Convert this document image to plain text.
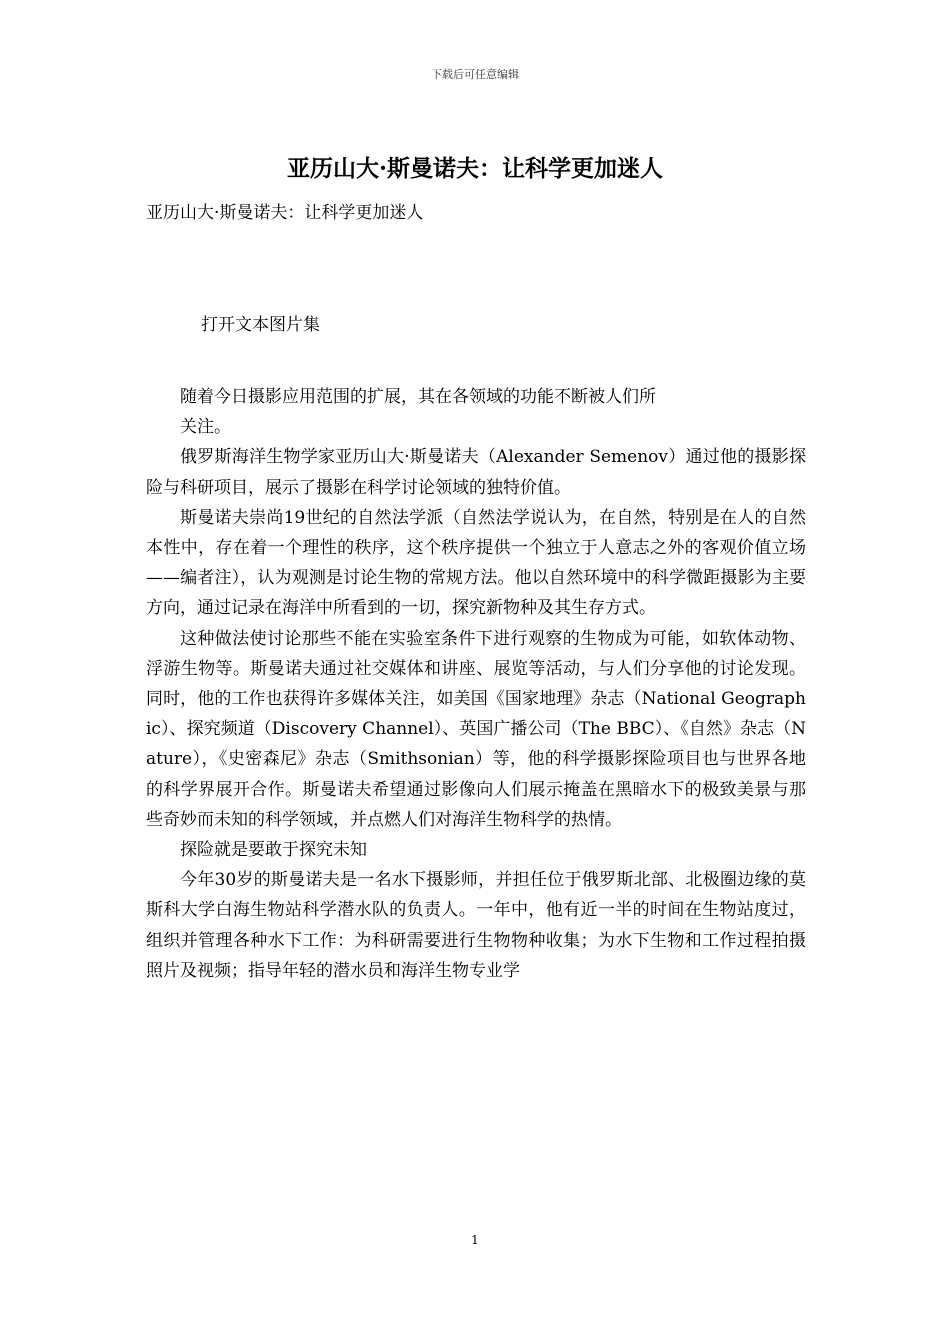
下载后可任意编辑
亚历山大·斯曼诺夫：让科学更加迷人
亚历山大·斯曼诺夫：让科学更加迷人
打开文本图片集

随着今日摄影应用范围的扩展，其在各领域的功能不断被人们所

关注。

俄罗斯海洋生物学家亚历山大·斯曼诺夫（Alexander Semenov）通过他的摄影探险与科研项目，展示了摄影在科学讨论领域的独特价值。

斯曼诺夫崇尚19世纪的自然法学派（自然法学说认为，在自然，特别是在人的自然本性中，存在着一个理性的秩序，这个秩序提供一个独立于人意志之外的客观价值立场——编者注），认为观测是讨论生物的常规方法。他以自然环境中的科学微距摄影为主要方向，通过记录在海洋中所看到的一切，探究新物种及其生存方式。

这种做法使讨论那些不能在实验室条件下进行观察的生物成为可能，如软体动物、浮游生物等。斯曼诺夫通过社交媒体和讲座、展览等活动，与人们分享他的讨论发现。同时，他的工作也获得许多媒体关注，如美国《国家地理》杂志（National Geographic）、探究频道（Discovery Channel）、英国广播公司（The BBC）、《自然》杂志（Nature），《史密森尼》杂志（Smithsonian）等，他的科学摄影探险项目也与世界各地的科学界展开合作。斯曼诺夫希望通过影像向人们展示掩盖在黑暗水下的极致美景与那些奇妙而未知的科学领域，并点燃人们对海洋生物科学的热情。

探险就是要敢于探究未知

今年30岁的斯曼诺夫是一名水下摄影师，并担任位于俄罗斯北部、北极圈边缘的莫斯科大学白海生物站科学潜水队的负责人。一年中，他有近一半的时间在生物站度过，组织并管理各种水下工作：为科研需要进行生物物种收集；为水下生物和工作过程拍摄照片及视频；指导年轻的潜水员和海洋生物专业学

1
